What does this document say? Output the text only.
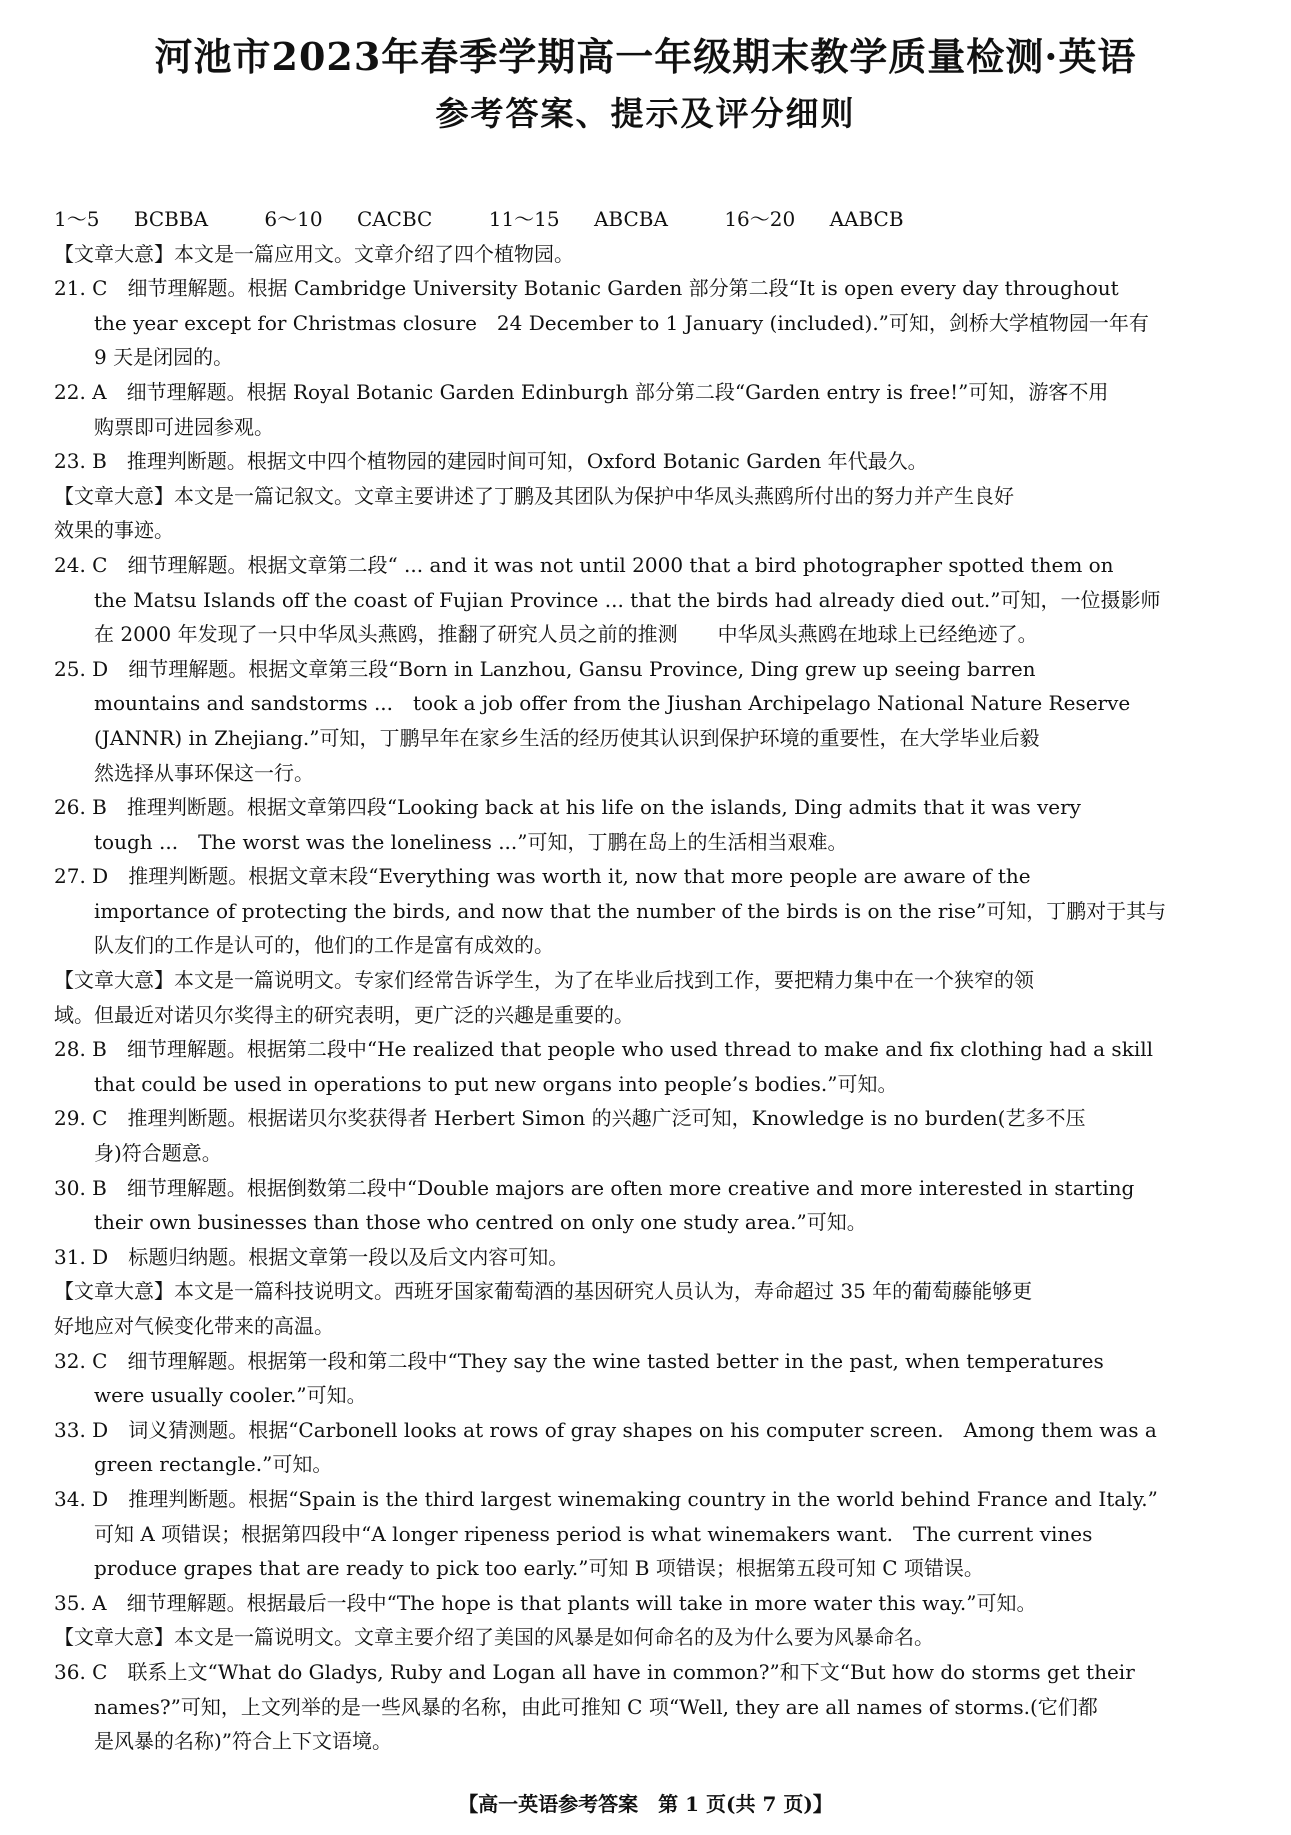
河池市2023年春季学期高一年级期末教学质量检测·英语
参考答案、提示及评分细则
1～5 BCBBA	6～10 CACBC	11～15 ABCBA	16～20 AABCB
【文章大意】本文是一篇应用文。文章介绍了四个植物园。
21. C　细节理解题。根据 Cambridge University Botanic Garden 部分第二段“It is open every day throughout
　　the year except for Christmas closure　24 December to 1 January (included).”可知，剑桥大学植物园一年有
　　9 天是闭园的。
22. A　细节理解题。根据 Royal Botanic Garden Edinburgh 部分第二段“Garden entry is free!”可知，游客不用
　　购票即可进园参观。
23. B　推理判断题。根据文中四个植物园的建园时间可知，Oxford Botanic Garden 年代最久。
【文章大意】本文是一篇记叙文。文章主要讲述了丁鹏及其团队为保护中华凤头燕鸥所付出的努力并产生良好
效果的事迹。
24. C　细节理解题。根据文章第二段“ ... and it was not until 2000 that a bird photographer spotted them on
　　the Matsu Islands off the coast of Fujian Province ... that the birds had already died out.”可知，一位摄影师
　　在 2000 年发现了一只中华凤头燕鸥，推翻了研究人员之前的推测　　中华凤头燕鸥在地球上已经绝迹了。
25. D　细节理解题。根据文章第三段“Born in Lanzhou, Gansu Province, Ding grew up seeing barren
　　mountains and sandstorms ...　took a job offer from the Jiushan Archipelago National Nature Reserve
　　(JANNR) in Zhejiang.”可知，丁鹏早年在家乡生活的经历使其认识到保护环境的重要性，在大学毕业后毅
　　然选择从事环保这一行。
26. B　推理判断题。根据文章第四段“Looking back at his life on the islands, Ding admits that it was very
　　tough ...　The worst was the loneliness ...”可知，丁鹏在岛上的生活相当艰难。
27. D　推理判断题。根据文章末段“Everything was worth it, now that more people are aware of the
　　importance of protecting the birds, and now that the number of the birds is on the rise”可知，丁鹏对于其与
　　队友们的工作是认可的，他们的工作是富有成效的。
【文章大意】本文是一篇说明文。专家们经常告诉学生，为了在毕业后找到工作，要把精力集中在一个狭窄的领
域。但最近对诺贝尔奖得主的研究表明，更广泛的兴趣是重要的。
28. B　细节理解题。根据第二段中“He realized that people who used thread to make and fix clothing had a skill
　　that could be used in operations to put new organs into people’s bodies.”可知。
29. C　推理判断题。根据诺贝尔奖获得者 Herbert Simon 的兴趣广泛可知，Knowledge is no burden(艺多不压
　　身)符合题意。
30. B　细节理解题。根据倒数第二段中“Double majors are often more creative and more interested in starting
　　their own businesses than those who centred on only one study area.”可知。
31. D　标题归纳题。根据文章第一段以及后文内容可知。
【文章大意】本文是一篇科技说明文。西班牙国家葡萄酒的基因研究人员认为，寿命超过 35 年的葡萄藤能够更
好地应对气候变化带来的高温。
32. C　细节理解题。根据第一段和第二段中“They say the wine tasted better in the past, when temperatures
　　were usually cooler.”可知。
33. D　词义猜测题。根据“Carbonell looks at rows of gray shapes on his computer screen.　Among them was a
　　green rectangle.”可知。
34. D　推理判断题。根据“Spain is the third largest winemaking country in the world behind France and Italy.”
　　可知 A 项错误；根据第四段中“A longer ripeness period is what winemakers want.　The current vines
　　produce grapes that are ready to pick too early.”可知 B 项错误；根据第五段可知 C 项错误。
35. A　细节理解题。根据最后一段中“The hope is that plants will take in more water this way.”可知。
【文章大意】本文是一篇说明文。文章主要介绍了美国的风暴是如何命名的及为什么要为风暴命名。
36. C　联系上文“What do Gladys, Ruby and Logan all have in common?”和下文“But how do storms get their
　　names?”可知，上文列举的是一些风暴的名称，由此可推知 C 项“Well, they are all names of storms.(它们都
　　是风暴的名称)”符合上下文语境。
【高一英语参考答案　第 1 页(共 7 页)】
